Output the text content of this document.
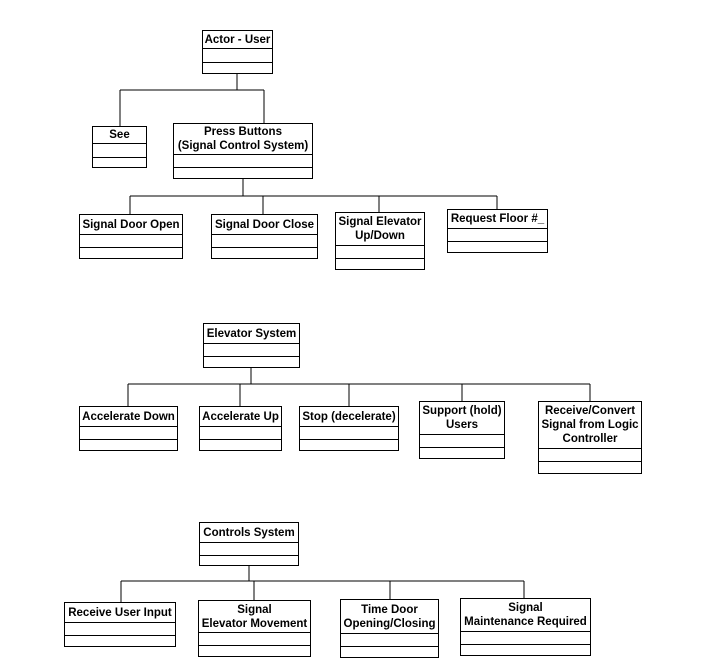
Actor - User
See	Press Buttons
(Signal Control System)
Signal Door Open	Signal Door Close Signal Elevator
Up/Down
Request Floor #_
Elevator System
Accelerate Down Accelerate Up Stop (decelerate) Support (hold)
Users
Receive/Convert
Signal from Logic
Controller
Controls System
Receive User Input	Signal
Elevator Movement
Time Door
Opening/Closing
Signal
Maintenance Required
